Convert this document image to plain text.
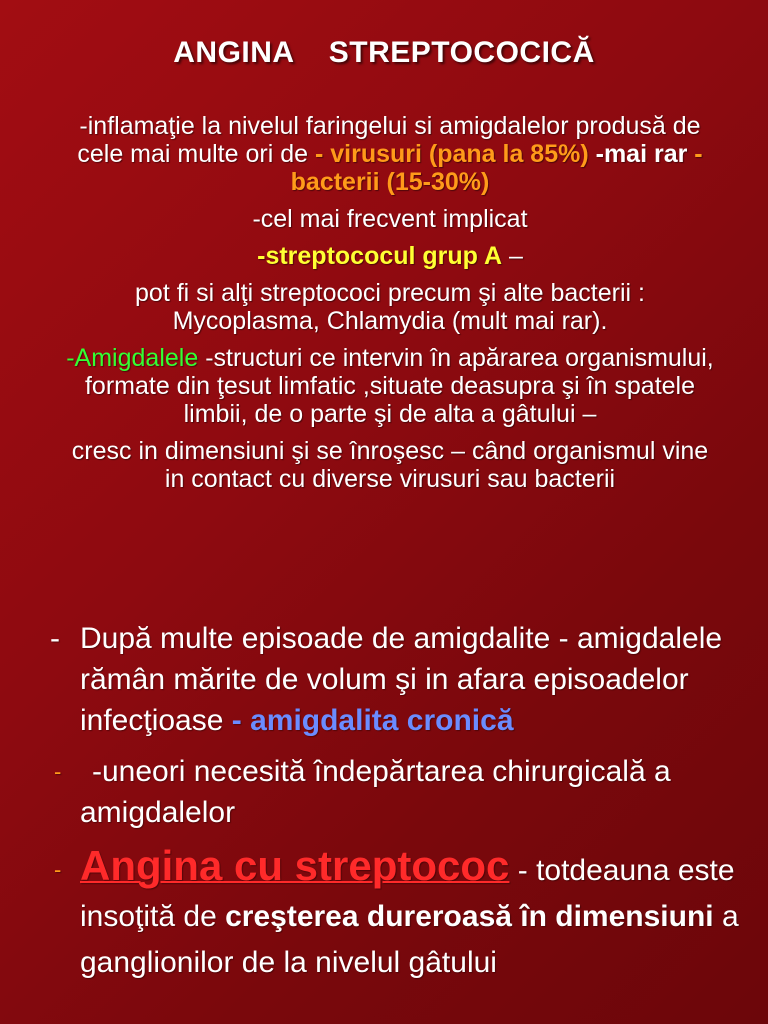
ANGINA    STREPTOCOCICĂ

-inflamaţie la nivelul faringelui si amigdalelor produsă de cele mai multe ori de - virusuri (pana la 85%) -mai rar - bacterii (15-30%)

-cel mai frecvent implicat

-streptococul grup A –

pot fi si alţi streptococi precum şi alte bacterii : Mycoplasma, Chlamydia (mult mai rar).

-Amigdalele -structuri ce intervin în apărarea organismului, formate din ţesut limfatic ,situate deasupra şi în spatele limbii, de o parte şi de alta a gâtului –

cresc in dimensiuni şi se înroşesc – când organismul vine in contact cu diverse virusuri sau bacterii

- După multe episoade de amigdalite - amigdalele rămân mărite de volum şi in afara episoadelor infecţioase - amigdalita cronică
- -uneori necesită îndepărtarea chirurgicală a amigdalelor
- Angina cu streptococ - totdeauna este insoţită de creşterea dureroasă în dimensiuni a ganglionilor de la nivelul gâtului
